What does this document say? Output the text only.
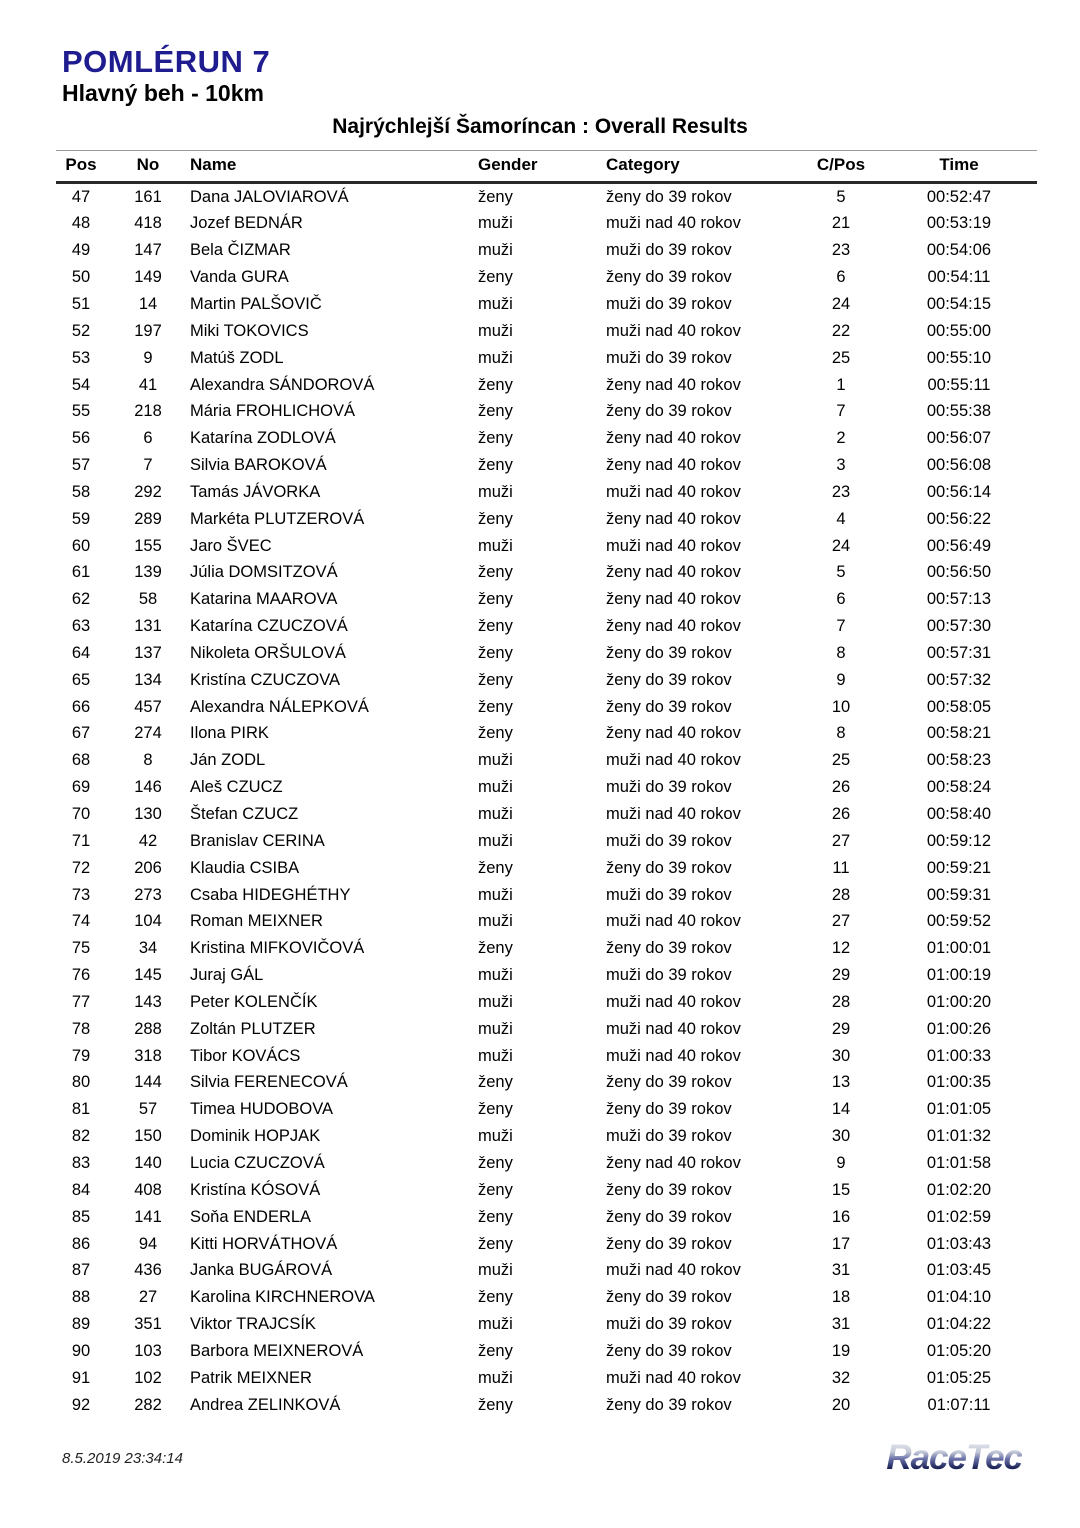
POMLÉRUN 7
Hlavný beh - 10km
Najrýchlejší Šamoríncan : Overall Results
Pos	No	Name	Gender	Category	C/Pos	Time
47	161	Dana JALOVIAROVÁ	ženy	ženy do 39 rokov	5	00:52:47
48	418	Jozef BEDNÁR	muži	muži nad 40 rokov	21	00:53:19
49	147	Bela ČIZMAR	muži	muži do 39 rokov	23	00:54:06
50	149	Vanda GURA	ženy	ženy do 39 rokov	6	00:54:11
51	14	Martin PALŠOVIČ	muži	muži do 39 rokov	24	00:54:15
52	197	Miki TOKOVICS	muži	muži nad 40 rokov	22	00:55:00
53	9	Matúš ZODL	muži	muži do 39 rokov	25	00:55:10
54	41	Alexandra SÁNDOROVÁ	ženy	ženy nad 40 rokov	1	00:55:11
55	218	Mária FROHLICHOVÁ	ženy	ženy do 39 rokov	7	00:55:38
56	6	Katarína ZODLOVÁ	ženy	ženy nad 40 rokov	2	00:56:07
57	7	Silvia BAROKOVÁ	ženy	ženy nad 40 rokov	3	00:56:08
58	292	Tamás JÁVORKA	muži	muži nad 40 rokov	23	00:56:14
59	289	Markéta PLUTZEROVÁ	ženy	ženy nad 40 rokov	4	00:56:22
60	155	Jaro ŠVEC	muži	muži nad 40 rokov	24	00:56:49
61	139	Júlia DOMSITZOVÁ	ženy	ženy nad 40 rokov	5	00:56:50
62	58	Katarina MAAROVA	ženy	ženy nad 40 rokov	6	00:57:13
63	131	Katarína CZUCZOVÁ	ženy	ženy nad 40 rokov	7	00:57:30
64	137	Nikoleta ORŠULOVÁ	ženy	ženy do 39 rokov	8	00:57:31
65	134	Kristína CZUCZOVA	ženy	ženy do 39 rokov	9	00:57:32
66	457	Alexandra NÁLEPKOVÁ	ženy	ženy do 39 rokov	10	00:58:05
67	274	Ilona PIRK	ženy	ženy nad 40 rokov	8	00:58:21
68	8	Ján ZODL	muži	muži nad 40 rokov	25	00:58:23
69	146	Aleš CZUCZ	muži	muži do 39 rokov	26	00:58:24
70	130	Štefan CZUCZ	muži	muži nad 40 rokov	26	00:58:40
71	42	Branislav CERINA	muži	muži do 39 rokov	27	00:59:12
72	206	Klaudia CSIBA	ženy	ženy do 39 rokov	11	00:59:21
73	273	Csaba HIDEGHÉTHY	muži	muži do 39 rokov	28	00:59:31
74	104	Roman MEIXNER	muži	muži nad 40 rokov	27	00:59:52
75	34	Kristina MIFKOVIČOVÁ	ženy	ženy do 39 rokov	12	01:00:01
76	145	Juraj GÁL	muži	muži do 39 rokov	29	01:00:19
77	143	Peter KOLENČÍK	muži	muži nad 40 rokov	28	01:00:20
78	288	Zoltán PLUTZER	muži	muži nad 40 rokov	29	01:00:26
79	318	Tibor KOVÁCS	muži	muži nad 40 rokov	30	01:00:33
80	144	Silvia FERENECOVÁ	ženy	ženy do 39 rokov	13	01:00:35
81	57	Timea HUDOBOVA	ženy	ženy do 39 rokov	14	01:01:05
82	150	Dominik HOPJAK	muži	muži do 39 rokov	30	01:01:32
83	140	Lucia CZUCZOVÁ	ženy	ženy nad 40 rokov	9	01:01:58
84	408	Kristína KÓSOVÁ	ženy	ženy do 39 rokov	15	01:02:20
85	141	Soňa ENDERLA	ženy	ženy do 39 rokov	16	01:02:59
86	94	Kitti HORVÁTHOVÁ	ženy	ženy do 39 rokov	17	01:03:43
87	436	Janka BUGÁROVÁ	muži	muži nad 40 rokov	31	01:03:45
88	27	Karolina KIRCHNEROVA	ženy	ženy do 39 rokov	18	01:04:10
89	351	Viktor TRAJCSÍK	muži	muži do 39 rokov	31	01:04:22
90	103	Barbora MEIXNEROVÁ	ženy	ženy do 39 rokov	19	01:05:20
91	102	Patrik MEIXNER	muži	muži nad 40 rokov	32	01:05:25
92	282	Andrea ZELINKOVÁ	ženy	ženy do 39 rokov	20	01:07:11
8.5.2019 23:34:14	RaceTec
